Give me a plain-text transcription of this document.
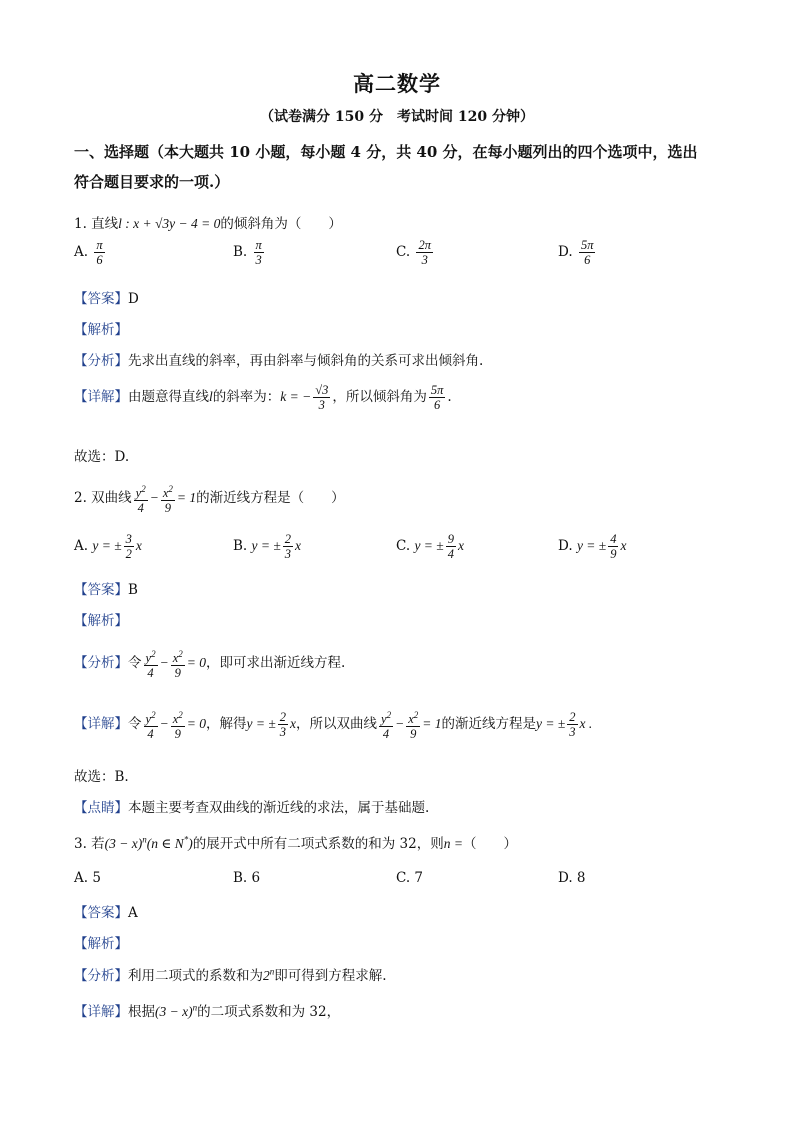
高二数学
（试卷满分 150 分　考试时间 120 分钟）
一、选择题（本大题共 10 小题，每小题 4 分，共 40 分，在每小题列出的四个选项中，选出
符合题目要求的一项.）
1. 直线l : x + √3y − 4 = 0的倾斜角为（　　）
A. $\frac{\pi}{6}$	B. $\frac{\pi}{3}$	C. $\frac{2\pi}{3}$	D. $\frac{5\pi}{6}$
【答案】D
【解析】
【分析】先求出直线的斜率，再由斜率与倾斜角的关系可求出倾斜角.
【详解】由题意得直线l的斜率为：k = − $\frac{√3}{3}$ ，所以倾斜角为 $\frac{5\pi}{6}$ .
故选：D.
2. 双曲线 $\frac{y^2}{4} - \frac{x^2}{9} = 1$的渐近线方程是（　　）
A. y = ± $\frac{3}{2}$ x	B. y = ± $\frac{2}{3}$ x	C. y = ± $\frac{9}{4}$ x	D. y = ± $\frac{4}{9}$ x
【答案】B
【解析】
【分析】令 $\frac{y^2}{4} - \frac{x^2}{9} = 0$，即可求出渐近线方程.
【详解】令 $\frac{y^2}{4} - \frac{x^2}{9} = 0$，解得y = ± $\frac{2}{3}$ x，所以双曲线 $\frac{y^2}{4} - \frac{x^2}{9} = 1$的渐近线方程是y = ± $\frac{2}{3}$ x .
故选：B.
【点睛】本题主要考查双曲线的渐近线的求法，属于基础题.
3. 若$(3 - x)^n(n$ ∈ N*)的展开式中所有二项式系数的和为 32，则n =（　　）
A. 5	B. 6	C. 7	D. 8
【答案】A
【解析】
【分析】利用二项式的系数和为2$^n$即可得到方程求解.
【详解】根据$(3 - x)^n$的二项式系数和为 32，
